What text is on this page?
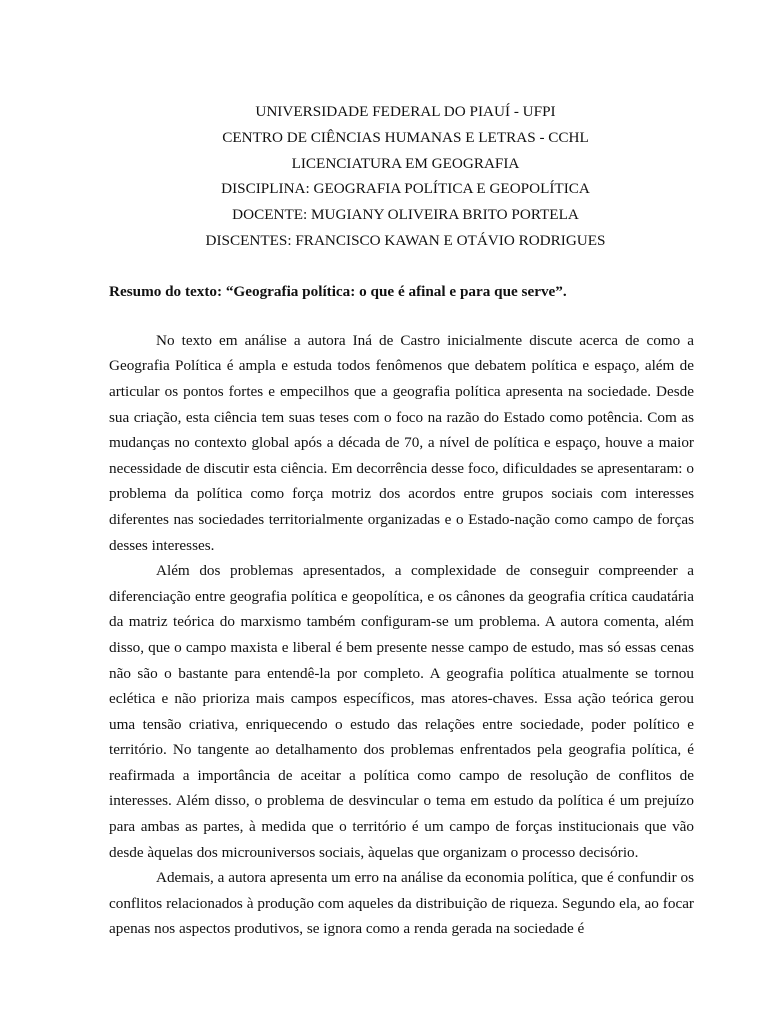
UNIVERSIDADE FEDERAL DO PIAUÍ - UFPI
CENTRO DE CIÊNCIAS HUMANAS E LETRAS - CCHL
LICENCIATURA EM GEOGRAFIA
DISCIPLINA: GEOGRAFIA POLÍTICA E GEOPOLÍTICA
DOCENTE: MUGIANY OLIVEIRA BRITO PORTELA
DISCENTES: FRANCISCO KAWAN E OTÁVIO RODRIGUES
Resumo do texto: “Geografia política: o que é afinal e para que serve”.

No texto em análise a autora Iná de Castro inicialmente discute acerca de como a Geografia Política é ampla e estuda todos fenômenos que debatem política e espaço, além de articular os pontos fortes e empecilhos que a geografia política apresenta na sociedade. Desde sua criação, esta ciência tem suas teses com o foco na razão do Estado como potência. Com as mudanças no contexto global após a década de 70, a nível de política e espaço, houve a maior necessidade de discutir esta ciência. Em decorrência desse foco, dificuldades se apresentaram: o problema da política como força motriz dos acordos entre grupos sociais com interesses diferentes nas sociedades territorialmente organizadas e o Estado-nação como campo de forças desses interesses.

Além dos problemas apresentados, a complexidade de conseguir compreender a diferenciação entre geografia política e geopolítica, e os cânones da geografia crítica caudatária da matriz teórica do marxismo também configuram-se um problema. A autora comenta, além disso, que o campo maxista e liberal é bem presente nesse campo de estudo, mas só essas cenas não são o bastante para entendê-la por completo. A geografia política atualmente se tornou eclética e não prioriza mais campos específicos, mas atores-chaves. Essa ação teórica gerou uma tensão criativa, enriquecendo o estudo das relações entre sociedade, poder político e território. No tangente ao detalhamento dos problemas enfrentados pela geografia política, é reafirmada a importância de aceitar a política como campo de resolução de conflitos de interesses. Além disso, o problema de desvincular o tema em estudo da política é um prejuízo para ambas as partes, à medida que o território é um campo de forças institucionais que vão desde àquelas dos microuniversos sociais, àquelas que organizam o processo decisório.

Ademais, a autora apresenta um erro na análise da economia política, que é confundir os conflitos relacionados à produção com aqueles da distribuição de riqueza. Segundo ela, ao focar apenas nos aspectos produtivos, se ignora como a renda gerada na sociedade é
